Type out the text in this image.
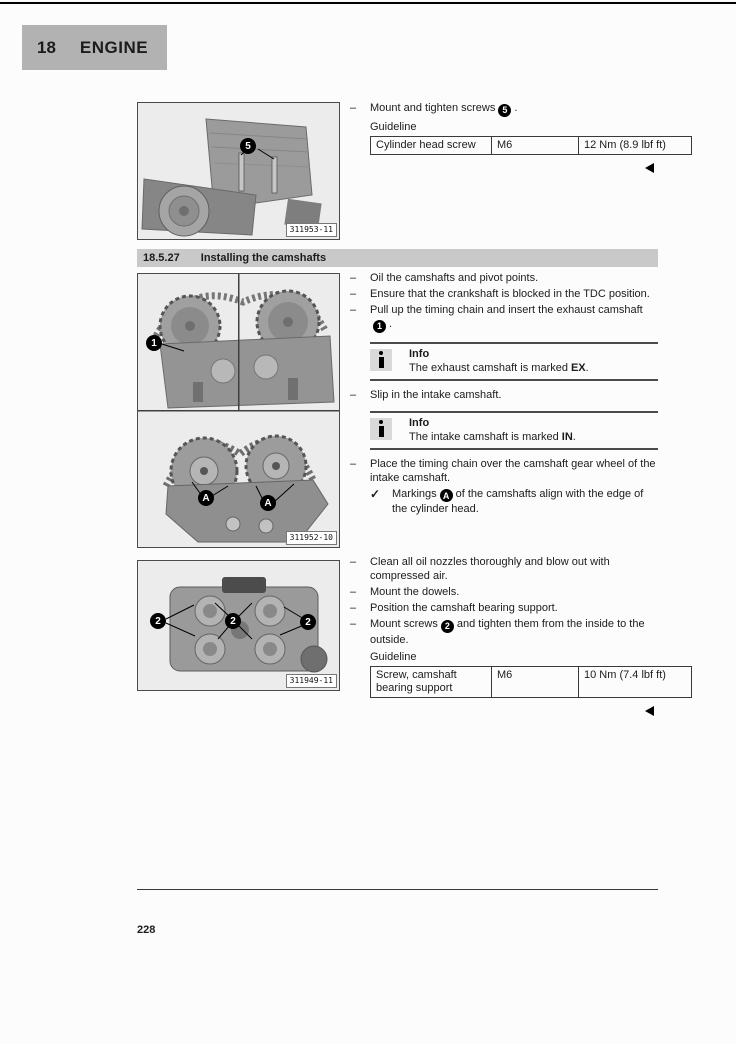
18 ENGINE
5
311953-11
–	Mount and tighten screws 5 .
Guideline
Cylinder head screw	M6	12 Nm (8.9 lbf ft)
18.5.27 Installing the camshafts
1
A	A
311952-10
–	Oil the camshafts and pivot points.
–	Ensure that the crankshaft is blocked in the TDC position.
–	Pull up the timing chain and insert the exhaust camshaft1 .
Info
The exhaust camshaft is marked EX.
–	Slip in the intake camshaft.
Info
The intake camshaft is marked IN.
–	Place the timing chain over the camshaft gear wheel of the intake camshaft.
✓	Markings A of the camshafts align with the edge of the cylinder head.
2	2	2
311949-11
–	Clean all oil nozzles thoroughly and blow out with compressed air.
–	Mount the dowels.
–	Position the camshaft bearing support.
–	Mount screws 2 and tighten them from the inside to the outside.
Guideline
Screw, camshaft bearing support	M6	10 Nm (7.4 lbf ft)
228
